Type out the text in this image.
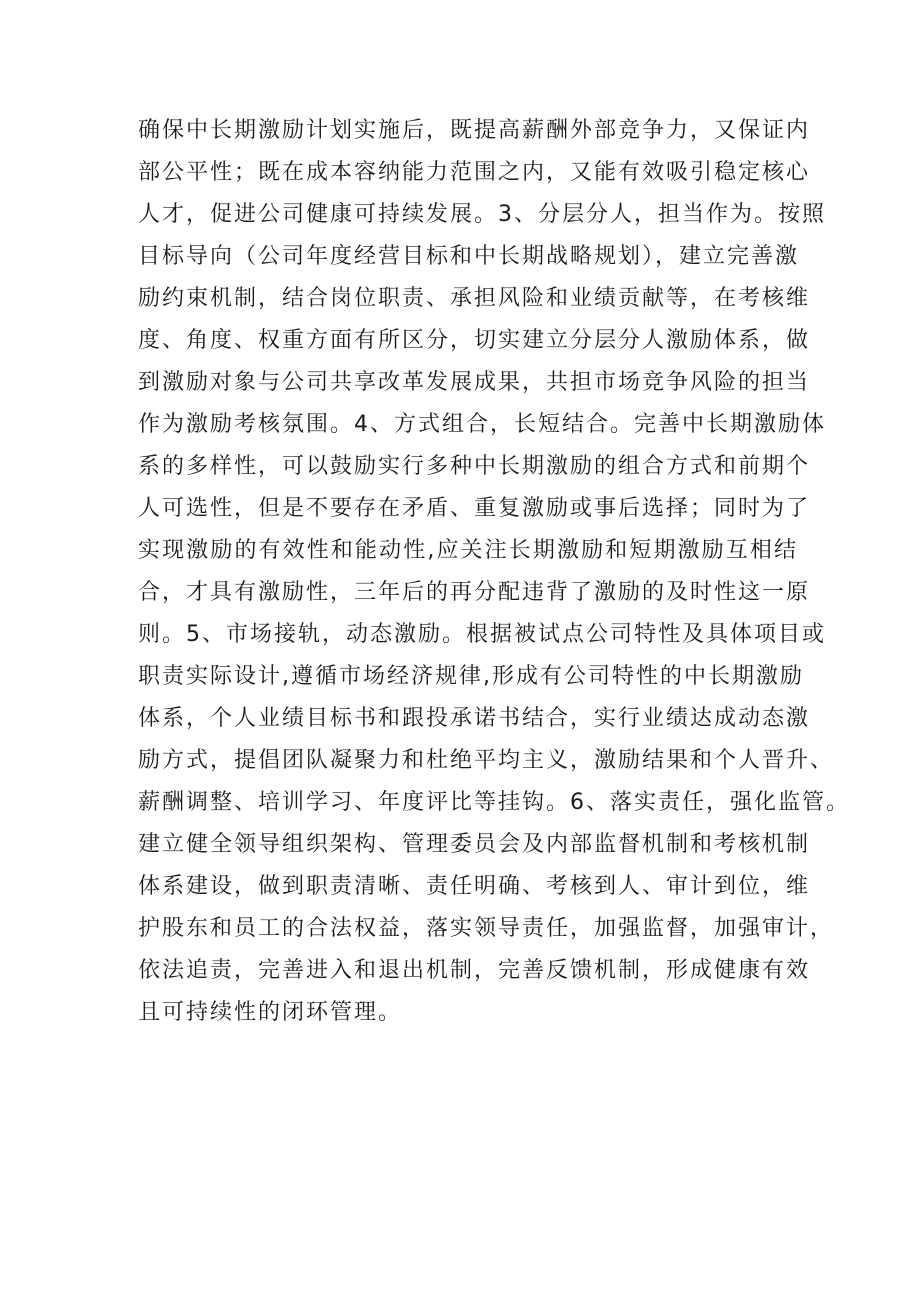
确保中长期激励计划实施后，既提高薪酬外部竞争力，又保证内
部公平性；既在成本容纳能力范围之内，又能有效吸引稳定核心
人才，促进公司健康可持续发展。3、分层分人，担当作为。按照
目标导向（公司年度经营目标和中长期战略规划），建立完善激
励约束机制，结合岗位职责、承担风险和业绩贡献等，在考核维
度、角度、权重方面有所区分，切实建立分层分人激励体系，做
到激励对象与公司共享改革发展成果，共担市场竞争风险的担当
作为激励考核氛围。4、方式组合，长短结合。完善中长期激励体
系的多样性，可以鼓励实行多种中长期激励的组合方式和前期个
人可选性，但是不要存在矛盾、重复激励或事后选择；同时为了
实现激励的有效性和能动性,应关注长期激励和短期激励互相结
合，才具有激励性，三年后的再分配违背了激励的及时性这一原
则。5、市场接轨，动态激励。根据被试点公司特性及具体项目或
职责实际设计,遵循市场经济规律,形成有公司特性的中长期激励
体系，个人业绩目标书和跟投承诺书结合，实行业绩达成动态激
励方式，提倡团队凝聚力和杜绝平均主义，激励结果和个人晋升、
薪酬调整、培训学习、年度评比等挂钩。6、落实责任，强化监管。
建立健全领导组织架构、管理委员会及内部监督机制和考核机制
体系建设，做到职责清晰、责任明确、考核到人、审计到位，维
护股东和员工的合法权益，落实领导责任，加强监督，加强审计，
依法追责，完善进入和退出机制，完善反馈机制，形成健康有效
且可持续性的闭环管理。
